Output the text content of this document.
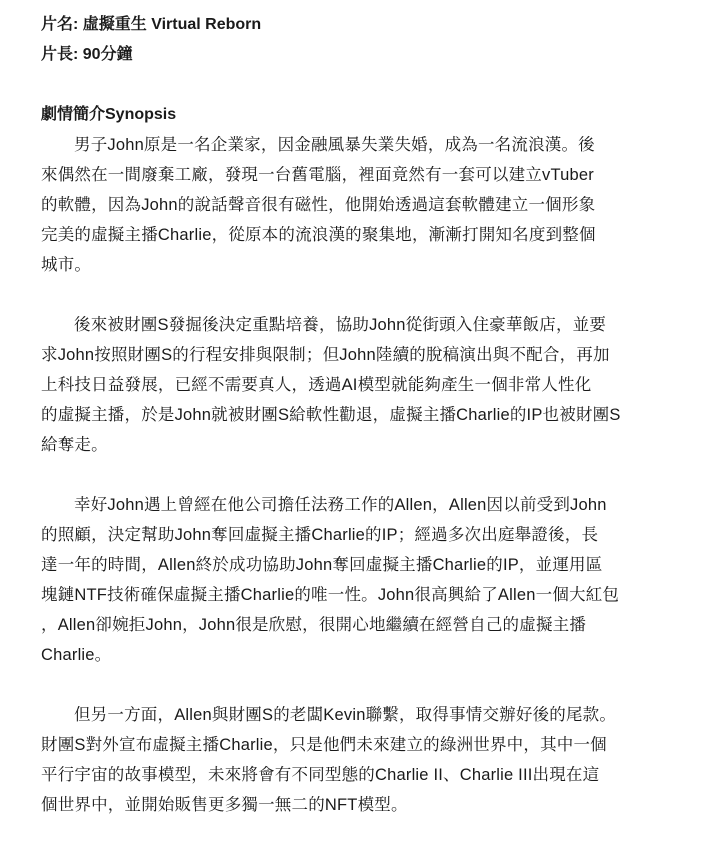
片名: 虛擬重生 Virtual Reborn
片長: 90分鐘
劇情簡介Synopsis
男子John原是一名企業家，因金融風暴失業失婚，成為一名流浪漢。後
來偶然在一間廢棄工廠，發現一台舊電腦，裡面竟然有一套可以建立vTuber
的軟體，因為John的說話聲音很有磁性，他開始透過這套軟體建立一個形象
完美的虛擬主播Charlie，從原本的流浪漢的聚集地，漸漸打開知名度到整個
城市。
後來被財團S發掘後決定重點培養，協助John從街頭入住豪華飯店，並要
求John按照財團S的行程安排與限制；但John陸續的脫稿演出與不配合，再加
上科技日益發展，已經不需要真人，透過AI模型就能夠產生一個非常人性化
的虛擬主播，於是John就被財團S給軟性勸退，虛擬主播Charlie的IP也被財團S
給奪走。
幸好John遇上曾經在他公司擔任法務工作的Allen，Allen因以前受到John
的照顧，決定幫助John奪回虛擬主播Charlie的IP；經過多次出庭舉證後，長
達一年的時間，Allen終於成功協助John奪回虛擬主播Charlie的IP，並運用區
塊鏈NTF技術確保虛擬主播Charlie的唯一性。John很高興給了Allen一個大紅包
，Allen卻婉拒John，John很是欣慰，很開心地繼續在經營自己的虛擬主播
Charlie。
但另一方面，Allen與財團S的老闆Kevin聯繫，取得事情交辦好後的尾款。
財團S對外宣布虛擬主播Charlie，只是他們未來建立的綠洲世界中，其中一個
平行宇宙的故事模型，未來將會有不同型態的Charlie II、Charlie III出現在這
個世界中，並開始販售更多獨一無二的NFT模型。
